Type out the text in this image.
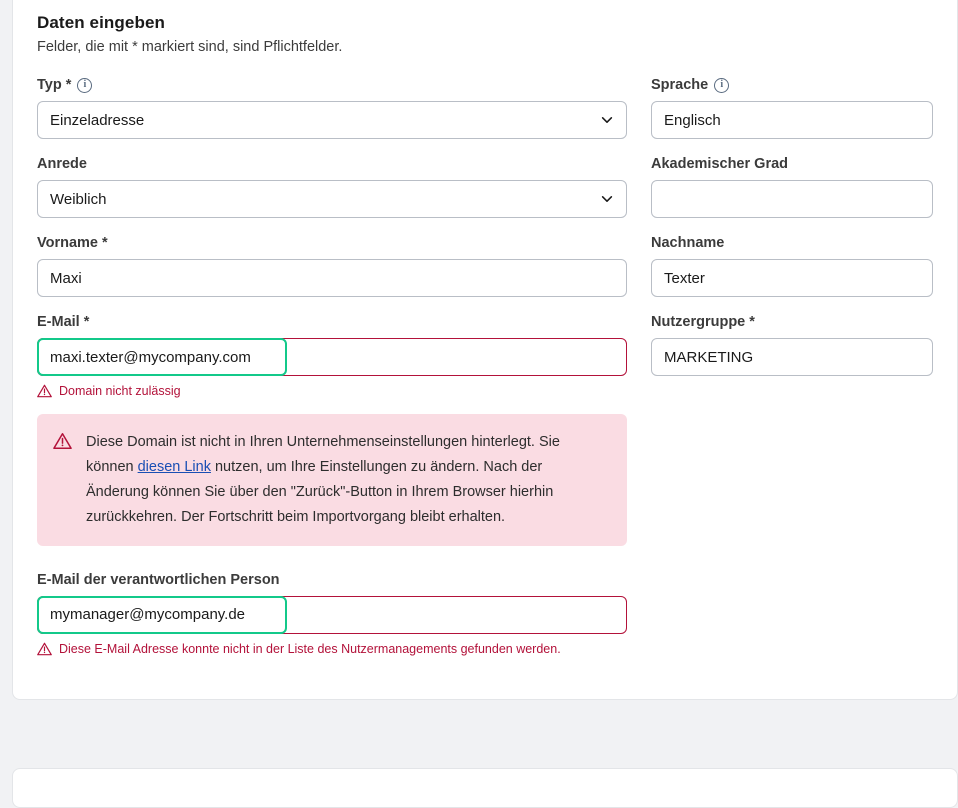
Daten eingeben

Felder, die mit * markiert sind, sind Pflichtfelder.

Typ *	i
Einzeladresse
Anrede
Weiblich
Vorname *
Maxi
E-Mail *
maxi.texter@mycompany.com
Domain nicht zulässig
Diese Domain ist nicht in Ihren Unternehmenseinstellungen hinterlegt. Sie können diesen Link nutzen, um Ihre Einstellungen zu ändern. Nach der Änderung können Sie über den "Zurück"-Button in Ihrem Browser hierhin zurückkehren. Der Fortschritt beim Importvorgang bleibt erhalten.
E-Mail der verantwortlichen Person
mymanager@mycompany.de
Diese E-Mail Adresse konnte nicht in der Liste des Nutzermanagements gefunden werden.
Sprache	i
Englisch
Akademischer Grad
Nachname
Texter
Nutzergruppe *
MARKETING
